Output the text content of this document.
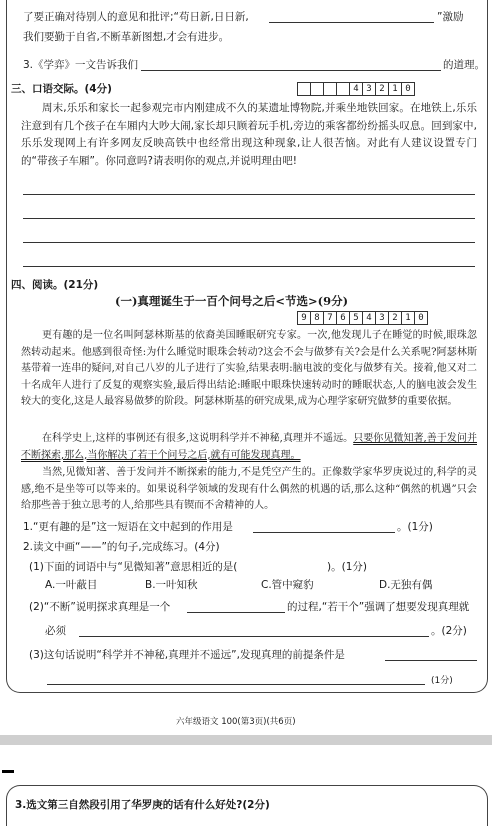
了要正确对待别人的意见和批评;“苟日新,日日新,	”激励
我们要勤于自省,不断革新图想,才会有进步。
3.《学弈》一文告诉我们	的道理。
三、口语交际。(4分)	4 3 2 1 0
周末,乐乐和家长一起参观完市内刚建成不久的某遗址博物院,并乘坐地铁回家。在地铁上,乐乐注意到有几个孩子在车厢内大吵大闹,家长却只顾着玩手机,旁边的乘客都纷纷摇头叹息。回到家中,乐乐发现网上有许多网友反映高铁中也经常出现这种现象,让人很苦恼。对此有人建议设置专门的“带孩子车厢”。你同意吗?请表明你的观点,并说明理由吧!
四、阅读。(21分)
(一)真理诞生于一百个问号之后<节选>(9分)
9 8 7 6 5 4 3 2 1 0
更有趣的是一位名叫阿瑟林斯基的依裔美国睡眠研究专家。一次,他发现儿子在睡觉的时候,眼珠忽然转动起来。他感到很奇怪:为什么睡觉时眼珠会转动?这会不会与做梦有关?会是什么关系呢?阿瑟林斯基带着一连串的疑问,对自己八岁的儿子进行了实验,结果表明:脑电波的变化与做梦有关。接着,他又对二十名成年人进行了反复的观察实验,最后得出结论:睡眠中眼珠快速转动时的睡眠状态,人的脑电波会发生较大的变化,这是人最容易做梦的阶段。阿瑟林斯基的研究成果,成为心理学家研究做梦的重要依据。
在科学史上,这样的事例还有很多,这说明科学并不神秘,真理并不遥远。只要你见微知著,善于发问并不断探索,那么,当你解决了若干个问号之后,就有可能发现真理。
当然,见微知著、善于发问并不断探索的能力,不是凭空产生的。正像数学家华罗庚说过的,科学的灵感,绝不是坐等可以等来的。如果说科学领域的发现有什么偶然的机遇的话,那么这种“偶然的机遇”只会给那些善于独立思考的人,给那些具有锲而不舍精神的人。
1.“更有趣的是”这一短语在文中起到的作用是	。(1分)
2.读文中画“——”的句子,完成练习。(4分)
(1)下面的词语中与“见微知著”意思相近的是(	)。(1分)
A.一叶蔽目	B.一叶知秋	C.管中窥豹	D.无独有偶
(2)“不断”说明探求真理是一个	的过程,“若干个”强调了想要发现真理就
必须	。(2分)
(3)这句话说明“科学并不神秘,真理并不遥远”,发现真理的前提条件是
(1分)
六年级语文 100(第3页)(共6页)
3.选文第三自然段引用了华罗庚的话有什么好处?(2分)
